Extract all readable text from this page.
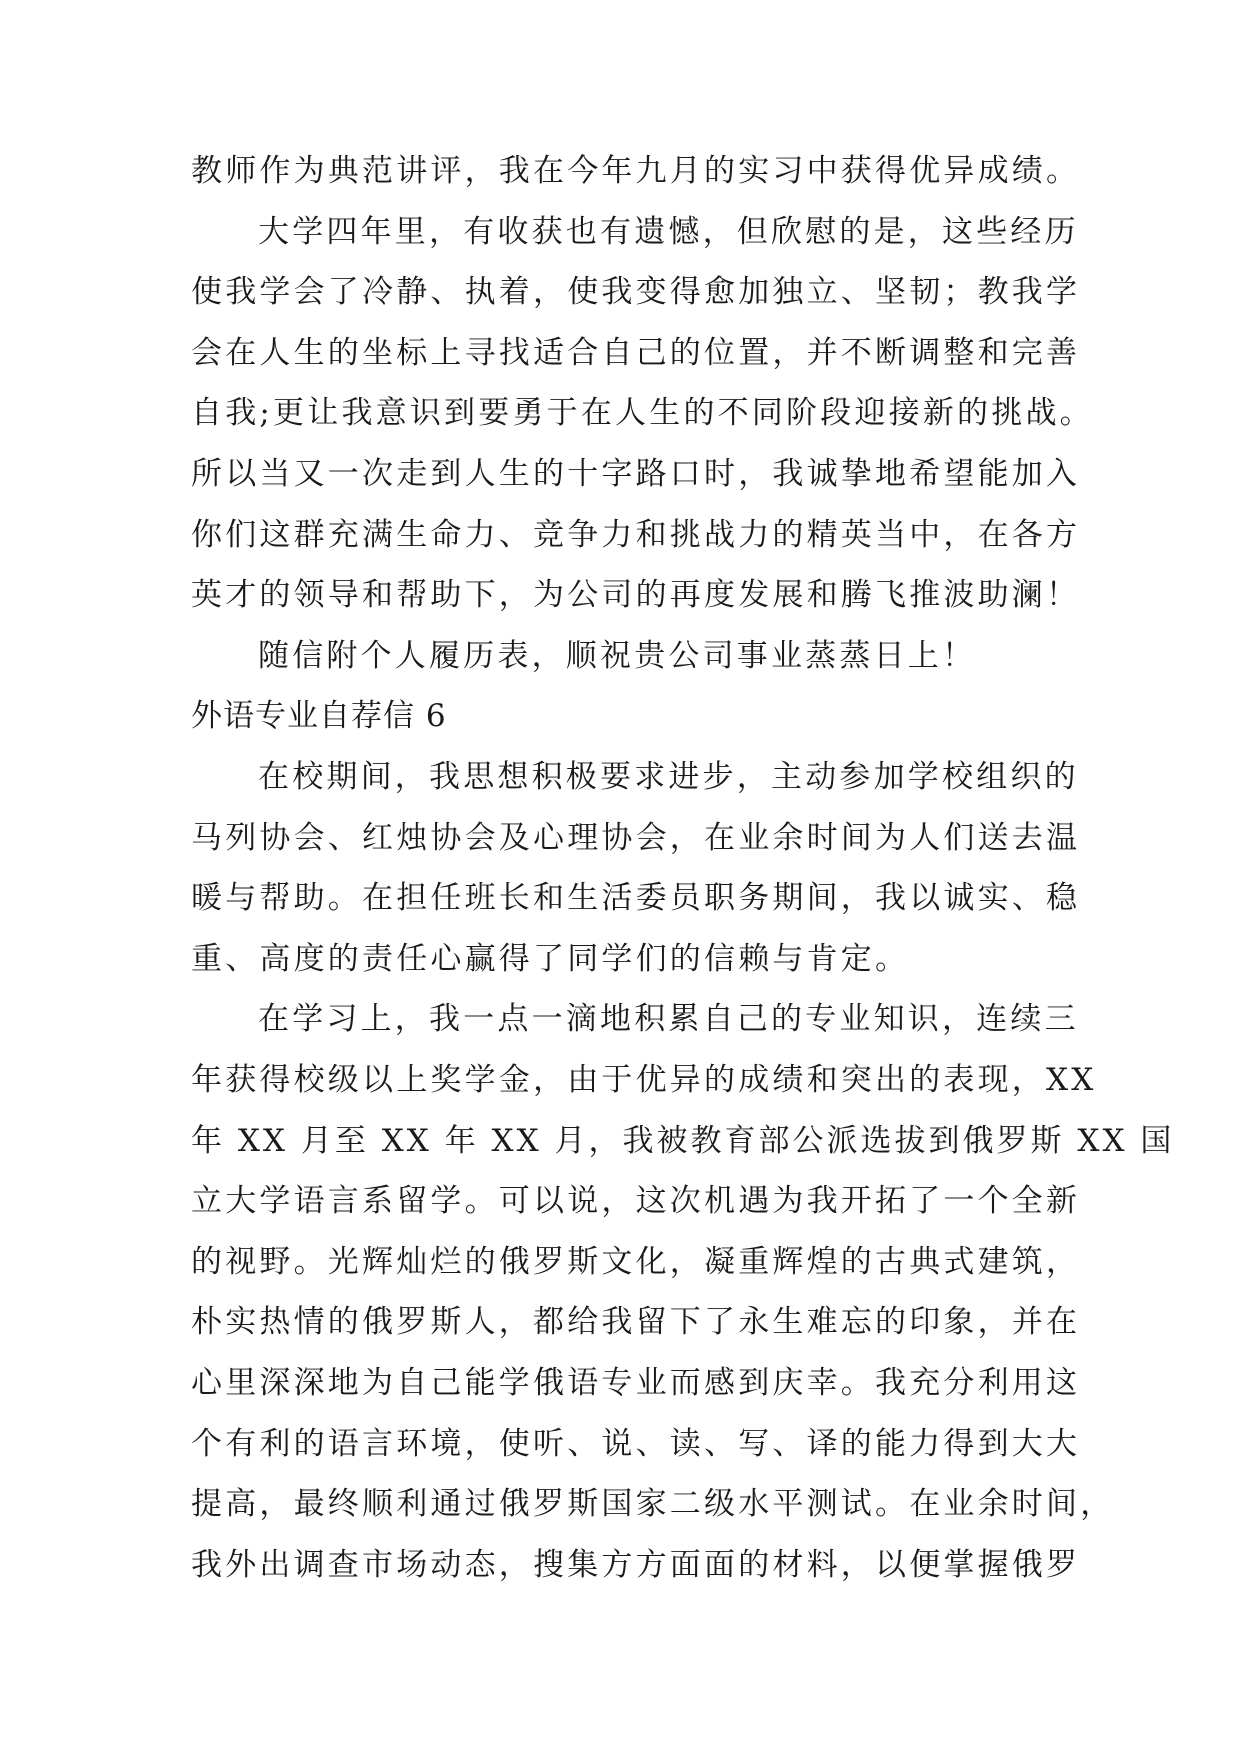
教师作为典范讲评，我在今年九月的实习中获得优异成绩。
大学四年里，有收获也有遗憾，但欣慰的是，这些经历
使我学会了冷静、执着，使我变得愈加独立、坚韧；教我学
会在人生的坐标上寻找适合自己的位置，并不断调整和完善
自我;更让我意识到要勇于在人生的不同阶段迎接新的挑战。
所以当又一次走到人生的十字路口时，我诚挚地希望能加入
你们这群充满生命力、竞争力和挑战力的精英当中，在各方
英才的领导和帮助下，为公司的再度发展和腾飞推波助澜！
随信附个人履历表，顺祝贵公司事业蒸蒸日上！
外语专业自荐信 6
在校期间，我思想积极要求进步，主动参加学校组织的
马列协会、红烛协会及心理协会，在业余时间为人们送去温
暖与帮助。在担任班长和生活委员职务期间，我以诚实、稳
重、高度的责任心赢得了同学们的信赖与肯定。
在学习上，我一点一滴地积累自己的专业知识，连续三
年获得校级以上奖学金，由于优异的成绩和突出的表现，XX
年 XX 月至 XX 年 XX 月，我被教育部公派选拔到俄罗斯 XX 国
立大学语言系留学。可以说，这次机遇为我开拓了一个全新
的视野。光辉灿烂的俄罗斯文化，凝重辉煌的古典式建筑，
朴实热情的俄罗斯人，都给我留下了永生难忘的印象，并在
心里深深地为自己能学俄语专业而感到庆幸。我充分利用这
个有利的语言环境，使听、说、读、写、译的能力得到大大
提高，最终顺利通过俄罗斯国家二级水平测试。在业余时间，
我外出调查市场动态，搜集方方面面的材料，以便掌握俄罗
